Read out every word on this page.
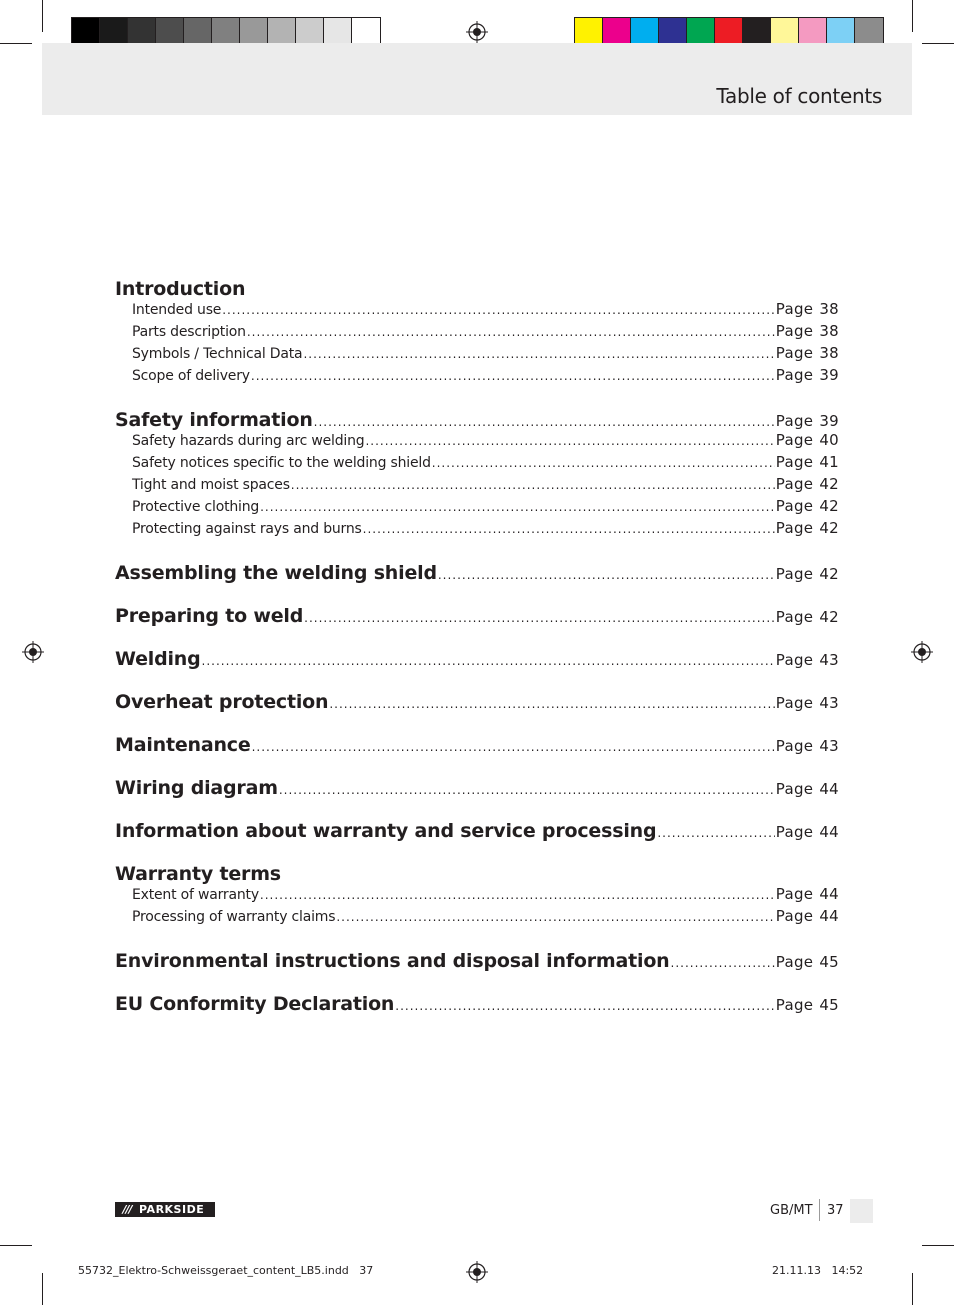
Table of contents
Introduction
Intended use .....	Page 38
Parts description .....	Page 38
Symbols / Technical Data .....	Page 38
Scope of delivery .....	Page 39
Safety information .....	Page 39
Safety hazards during arc welding .....	Page 40
Safety notices specific to the welding shield .....	Page 41
Tight and moist spaces .....	Page 42
Protective clothing .....	Page 42
Protecting against rays and burns .....	Page 42
Assembling the welding shield .....	Page 42
Preparing to weld .....	Page 42
Welding .....	Page 43
Overheat protection .....	Page 43
Maintenance .....	Page 43
Wiring diagram .....	Page 44
Information about warranty and service processing .....	Page 44
Warranty terms
Extent of warranty .....	Page 44
Processing of warranty claims .....	Page 44
Environmental instructions and disposal information .....	Page 45
EU Conformity Declaration .....	Page 45
/// PARKSIDE	GB/MT 37
55732_Elektro-Schweissgeraet_content_LB5.indd   37	21.11.13   14:52
